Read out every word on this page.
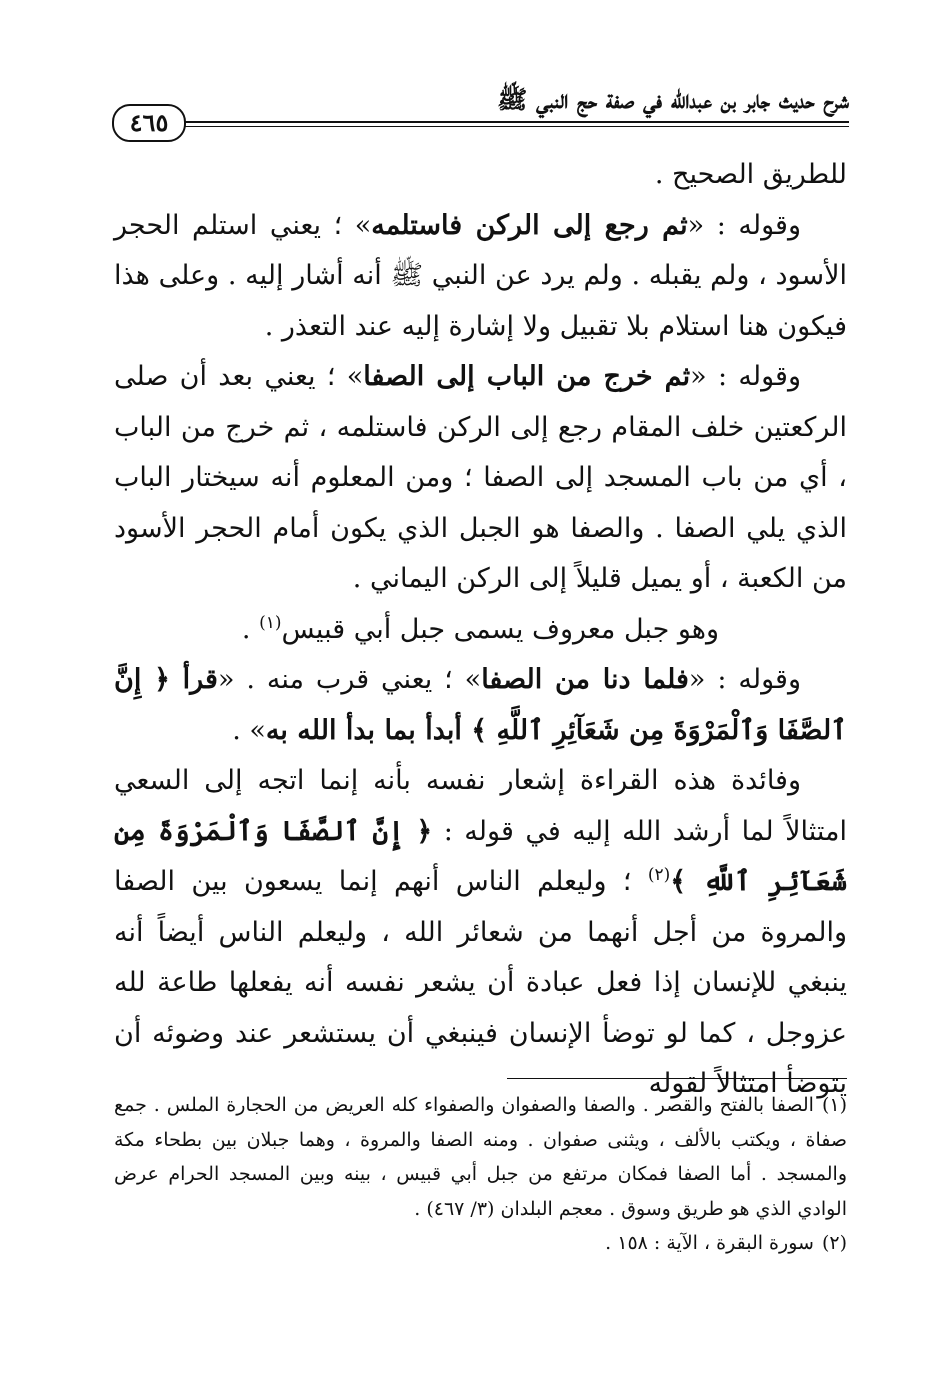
شرح حديث جابر بن عبدالله في صفة حج النبي ﷺ
٤٦٥

للطريق الصحيح .

وقوله : «ثم رجع إلى الركن فاستلمه» ؛ يعني استلم الحجر الأسود ، ولم يقبله . ولم يرد عن النبي ﷺ أنه أشار إليه . وعلى هذا فيكون هنا استلام بلا تقبيل ولا إشارة إليه عند التعذر .

وقوله : «ثم خرج من الباب إلى الصفا» ؛ يعني بعد أن صلى الركعتين خلف المقام رجع إلى الركن فاستلمه ، ثم خرج من الباب ، أي من باب المسجد إلى الصفا ؛ ومن المعلوم أنه سيختار الباب الذي يلي الصفا . والصفا هو الجبل الذي يكون أمام الحجر الأسود من الكعبة ، أو يميل قليلاً إلى الركن اليماني .

وهو جبل معروف يسمى جبل أبي قبيس$^{(١)}$ .

وقوله : «فلما دنا من الصفا» ؛ يعني قرب منه . «قرأ ﴿ إِنَّ ٱلصَّفَا وَٱلْمَرْوَةَ مِن شَعَآئِرِ ٱللَّهِ ﴾ أبدأ بما بدأ الله به» .

وفائدة هذه القراءة إشعار نفسه بأنه إنما اتجه إلى السعي امتثالاً لما أرشد الله إليه في قوله : ﴿ إِنَّ ٱلصَّفَا وَٱلْمَرْوَةَ مِن شَعَآئِرِ ٱللَّهِ ﴾$^{(٢)}$ ؛ وليعلم الناس أنهم إنما يسعون بين الصفا والمروة من أجل أنهما من شعائر الله ، وليعلم الناس أيضاً أنه ينبغي للإنسان إذا فعل عبادة أن يشعر نفسه أنه يفعلها طاعة لله عزوجل ، كما لو توضأ الإنسان فينبغي أن يستشعر عند وضوئه أن يتوضأ امتثالاً لقوله

(١)الصفا بالفتح والقصر . والصفا والصفوان والصفواء كله العريض من الحجارة الملس . جمع صفاة ، ويكتب بالألف ، ويثنى صفوان . ومنه الصفا والمروة ، وهما جبلان بين بطحاء مكة والمسجد . أما الصفا فمكان مرتفع من جبل أبي قبيس ، بينه وبين المسجد الحرام عرض الوادي الذي هو طريق وسوق . معجم البلدان (٣/ ٤٦٧) .

(٢)سورة البقرة ، الآية : ١٥٨ .
